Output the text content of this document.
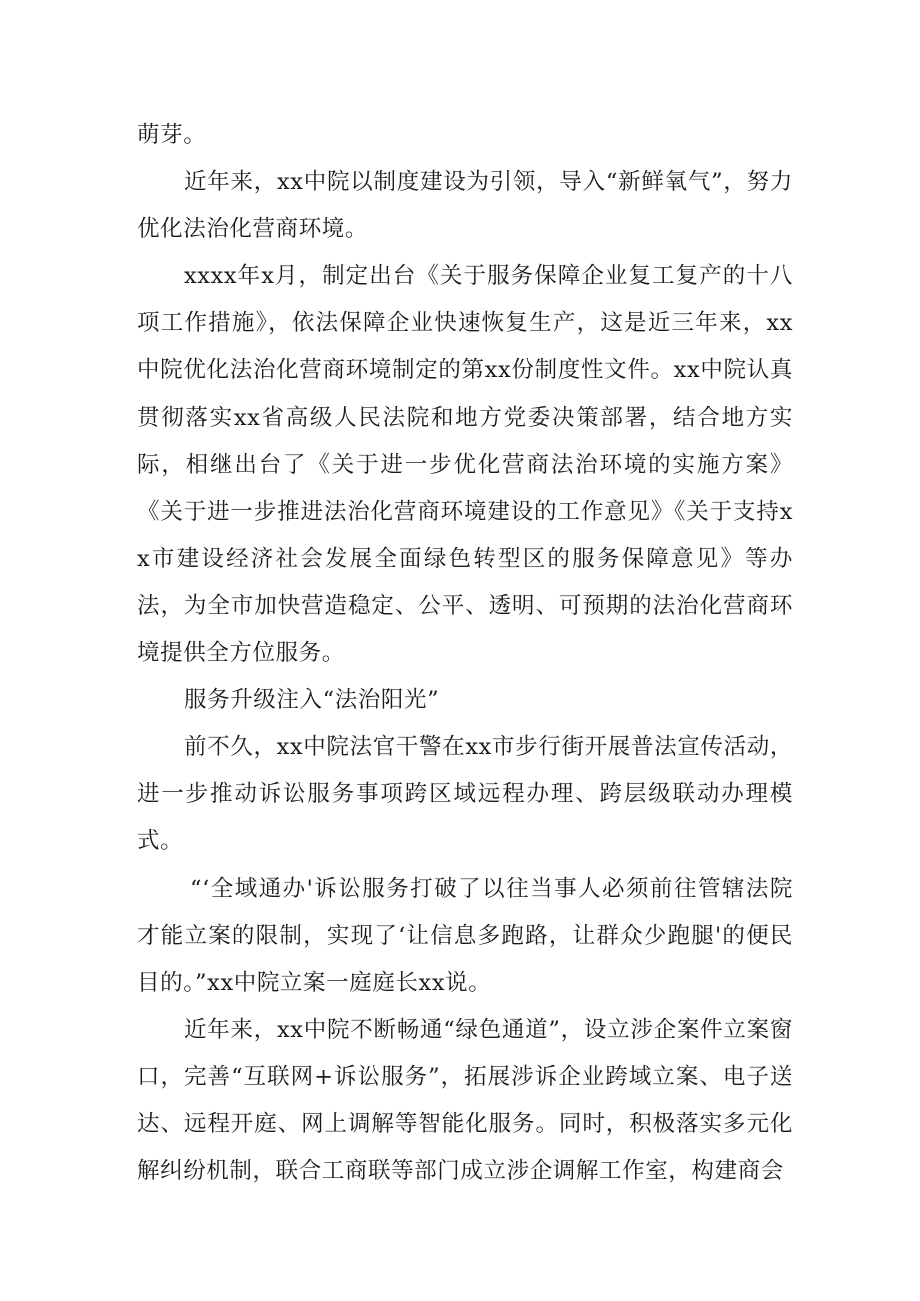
萌芽。

近年来，xx中院以制度建设为引领，导入“新鲜氧气”，努力优化法治化营商环境。

xxxx年x月，制定出台《关于服务保障企业复工复产的十八项工作措施》，依法保障企业快速恢复生产，这是近三年来，xx中院优化法治化营商环境制定的第xx份制度性文件。xx中院认真贯彻落实xx省高级人民法院和地方党委决策部署，结合地方实际，相继出台了《关于进一步优化营商法治环境的实施方案》《关于进一步推进法治化营商环境建设的工作意见》《关于支持xx市建设经济社会发展全面绿色转型区的服务保障意见》等办法，为全市加快营造稳定、公平、透明、可预期的法治化营商环境提供全方位服务。

服务升级注入“法治阳光”

前不久，xx中院法官干警在xx市步行街开展普法宣传活动，进一步推动诉讼服务事项跨区域远程办理、跨层级联动办理模式。

“‘全域通办'诉讼服务打破了以往当事人必须前往管辖法院才能立案的限制，实现了‘让信息多跑路，让群众少跑腿'的便民目的。”xx中院立案一庭庭长xx说。

近年来，xx中院不断畅通“绿色通道”，设立涉企案件立案窗口，完善“互联网+诉讼服务”，拓展涉诉企业跨域立案、电子送达、远程开庭、网上调解等智能化服务。同时，积极落实多元化解纠纷机制，联合工商联等部门成立涉企调解工作室，构建商会
